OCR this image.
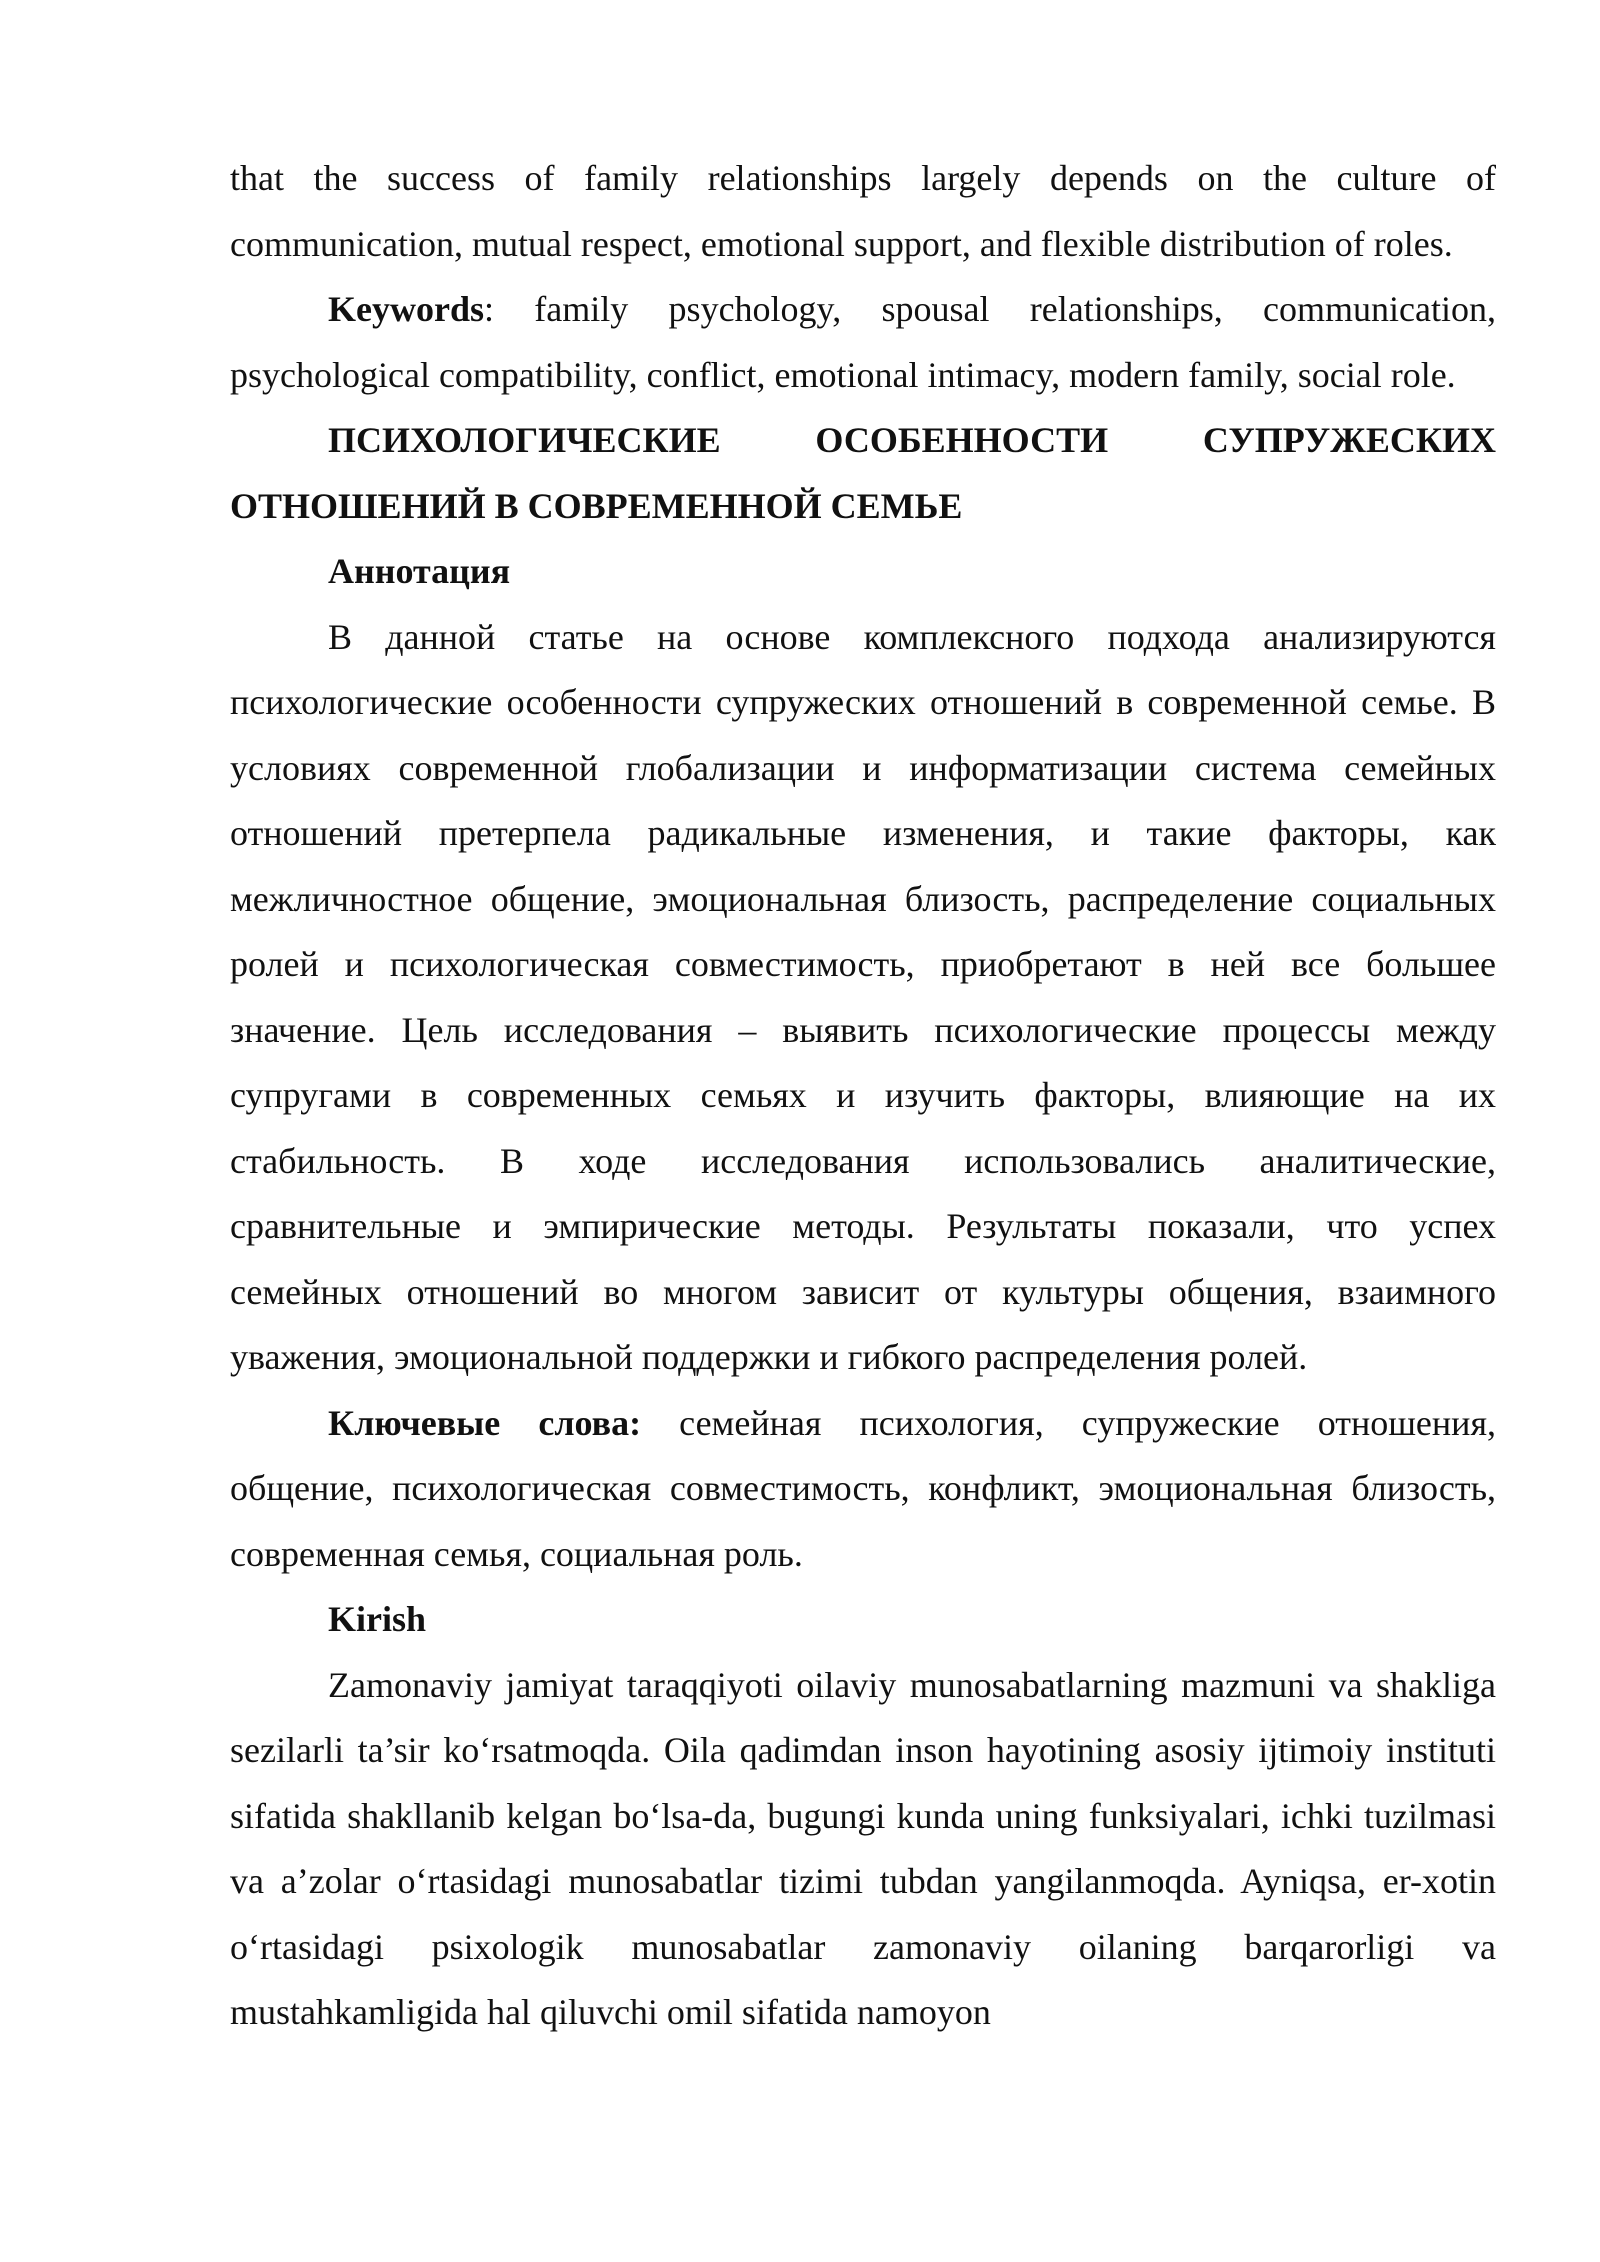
that the success of family relationships largely depends on the culture of communication, mutual respect, emotional support, and flexible distribution of roles.

Keywords: family psychology, spousal relationships, communication, psychological compatibility, conflict, emotional intimacy, modern family, social role.

ПСИХОЛОГИЧЕСКИЕ ОСОБЕННОСТИ СУПРУЖЕСКИХ
ОТНОШЕНИЙ В СОВРЕМЕННОЙ СЕМЬЕ

Аннотация

В данной статье на основе комплексного подхода анализируются психологические особенности супружеских отношений в современной семье. В условиях современной глобализации и информатизации система семейных отношений претерпела радикальные изменения, и такие факторы, как межличностное общение, эмоциональная близость, распределение социальных ролей и психологическая совместимость, приобретают в ней все большее значение. Цель исследования – выявить психологические процессы между супругами в современных семьях и изучить факторы, влияющие на их стабильность. В ходе исследования использовались аналитические, сравнительные и эмпирические методы. Результаты показали, что успех семейных отношений во многом зависит от культуры общения, взаимного уважения, эмоциональной поддержки и гибкого распределения ролей.

Ключевые слова: семейная психология, супружеские отношения, общение, психологическая совместимость, конфликт, эмоциональная близость, современная семья, социальная роль.

Kirish

Zamonaviy jamiyat taraqqiyoti oilaviy munosabatlarning mazmuni va shakliga sezilarli ta’sir ko‘rsatmoqda. Oila qadimdan inson hayotining asosiy ijtimoiy instituti sifatida shakllanib kelgan bo‘lsa-da, bugungi kunda uning funksiyalari, ichki tuzilmasi va a’zolar o‘rtasidagi munosabatlar tizimi tubdan yangilanmoqda. Ayniqsa, er-xotin o‘rtasidagi psixologik munosabatlar zamonaviy oilaning barqarorligi va mustahkamligida hal qiluvchi omil sifatida namoyon
